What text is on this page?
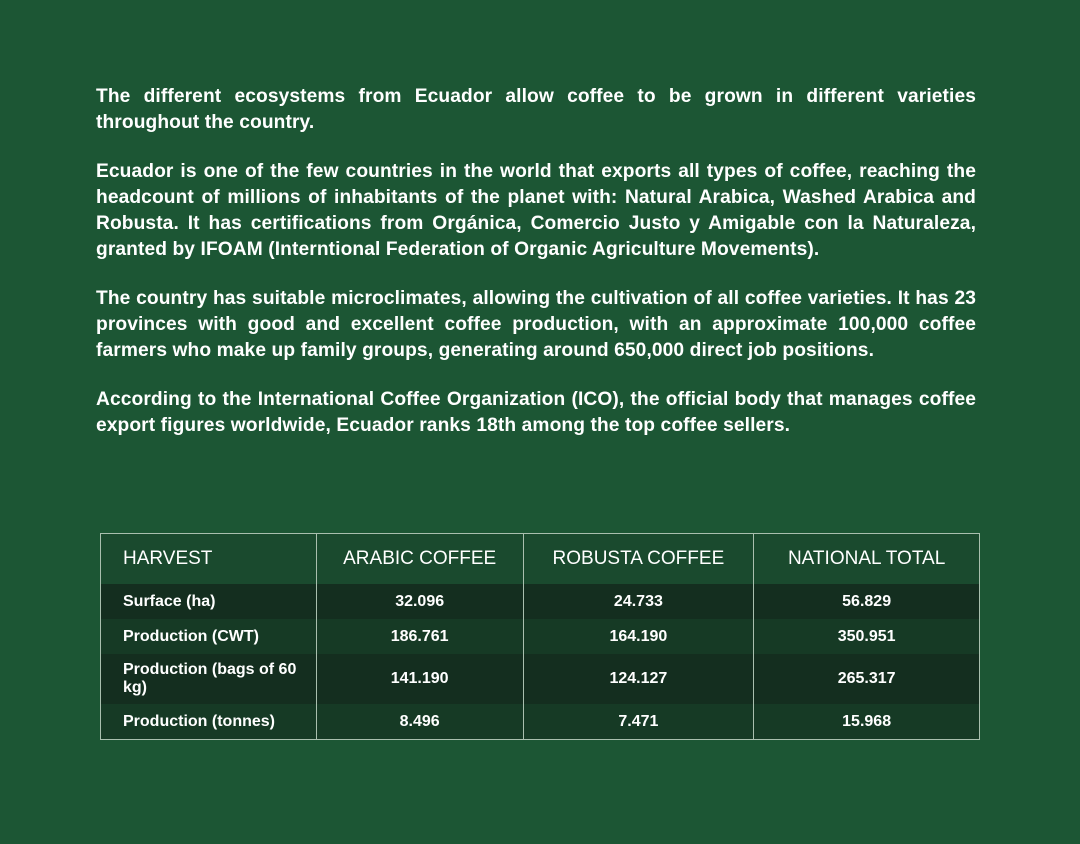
The different ecosystems from Ecuador allow coffee to be grown in different varieties throughout the country.

Ecuador is one of the few countries in the world that exports all types of coffee, reaching the headcount of millions of inhabitants of the planet with: Natural Arabica, Washed Arabica and Robusta. It has certifications from Orgánica, Comercio Justo y Amigable con la Naturaleza, granted by IFOAM (Interntional Federation of Organic Agriculture Movements).

The country has suitable microclimates, allowing the cultivation of all coffee varieties. It has 23 provinces with good and excellent coffee production, with an approximate 100,000 coffee farmers who make up family groups, generating around 650,000 direct job positions.

According to the International Coffee Organization (ICO), the official body that manages coffee export figures worldwide, Ecuador ranks 18th among the top coffee sellers.

HARVEST	ARABIC COFFEE	ROBUSTA COFFEE	NATIONAL TOTAL
Surface (ha)	32.096	24.733	56.829
Production (CWT)	186.761	164.190	350.951
Production (bags of 60 kg)	141.190	124.127	265.317
Production (tonnes)	8.496	7.471	15.968
